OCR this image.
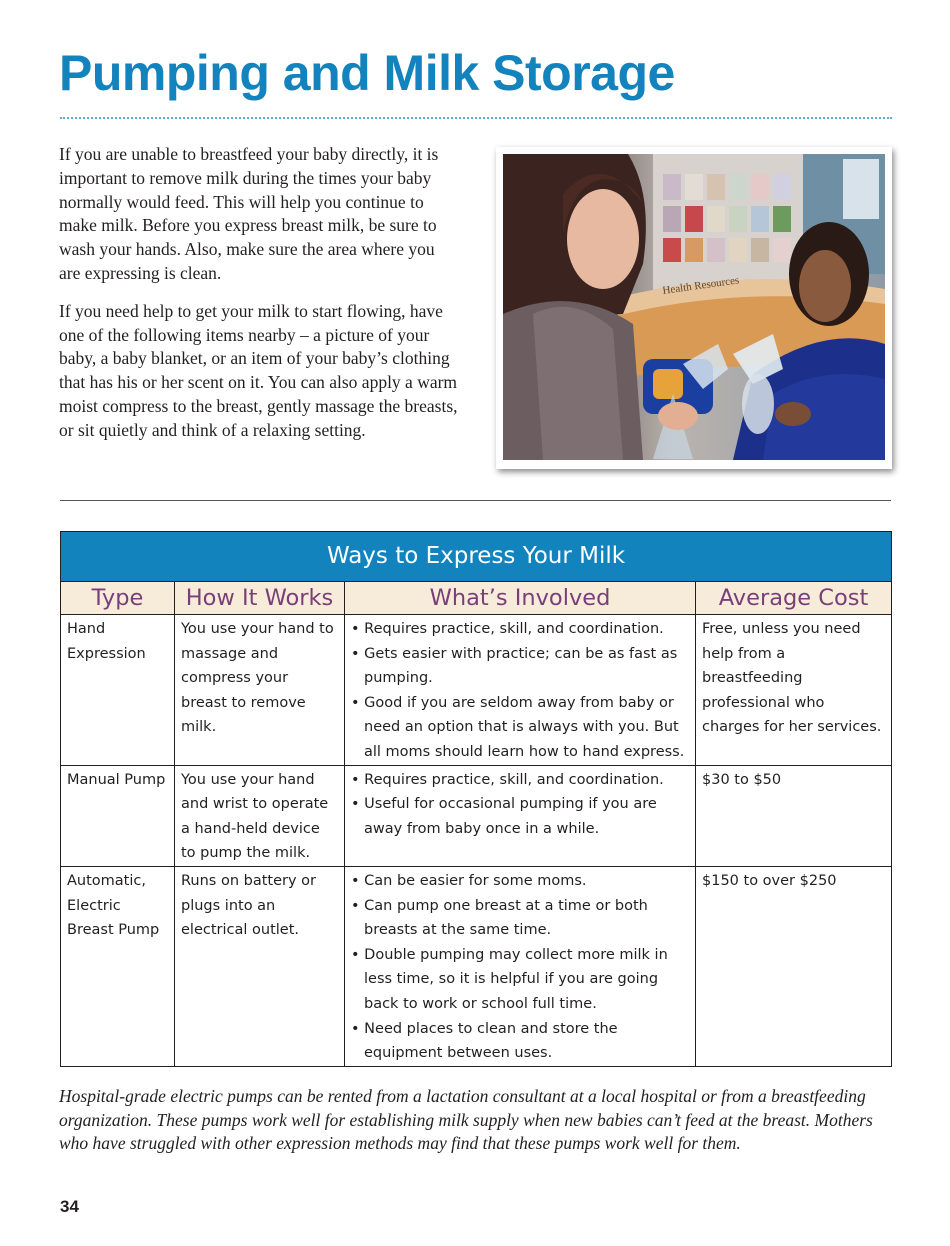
Pumping and Milk Storage

If you are unable to breastfeed your baby directly, it is important to remove milk during the times your baby normally would feed. This will help you continue to make milk. Before you express breast milk, be sure to wash your hands. Also, make sure the area where you are expressing is clean.

If you need help to get your milk to start flowing, have one of the following items nearby – a picture of your baby, a baby blanket, or an item of your baby’s clothing that has his or her scent on it. You can also apply a warm moist compress to the breast, gently massage the breasts, or sit quietly and think of a relaxing setting.

Health Resources
Ways to Express Your Milk			
Type	How It Works	What’s Involved	Average Cost
Hand Expression	You use your hand to massage and compress your breast to remove milk.	• Requires practice, skill, and coordination.
• Gets easier with practice; can be as fast as pumping.
• Good if you are seldom away from baby or need an option that is always with you. But all moms should learn how to hand express.	Free, unless you need help from a breastfeeding professional who charges for her services.
Manual Pump	You use your hand and wrist to operate a hand-held device to pump the milk.	• Requires practice, skill, and coordination.
• Useful for occasional pumping if you are away from baby once in a while.	$30 to $50
Automatic, Electric Breast Pump	Runs on battery or plugs into an electrical outlet.	• Can be easier for some moms.
• Can pump one breast at a time or both breasts at the same time.
• Double pumping may collect more milk in less time, so it is helpful if you are going back to work or school full time.
• Need places to clean and store the equipment between uses.	$150 to over $250

Hospital-grade electric pumps can be rented from a lactation consultant at a local hospital or from a breastfeeding organization. These pumps work well for establishing milk supply when new babies can’t feed at the breast. Mothers who have struggled with other expression methods may find that these pumps work well for them.

34
